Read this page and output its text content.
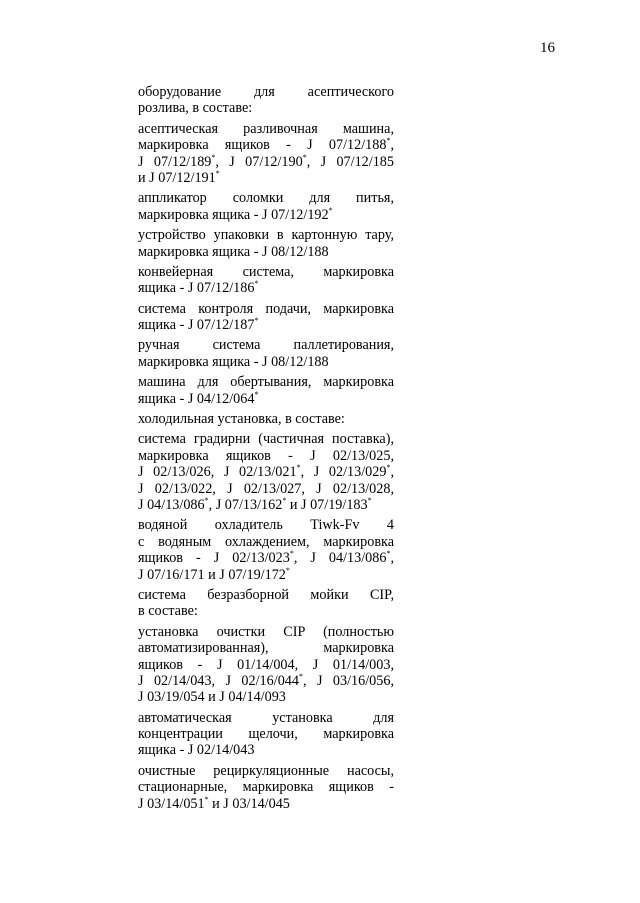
16

оборудование для асептического
розлива, в составе:

асептическая разливочная машина,
маркировка ящиков - J 07/12/188*,
J 07/12/189*, J 07/12/190*, J 07/12/185
и J 07/12/191*

аппликатор соломки для питья,
маркировка ящика - J 07/12/192*

устройство упаковки в картонную тару,
маркировка ящика - J 08/12/188

конвейерная система, маркировка
ящика - J 07/12/186*

система контроля подачи, маркировка
ящика - J 07/12/187*

ручная система паллетирования,
маркировка ящика - J 08/12/188

машина для обертывания, маркировка
ящика - J 04/12/064*

холодильная установка, в составе:

система градирни (частичная поставка),
маркировка ящиков - J 02/13/025,
J 02/13/026, J 02/13/021*, J 02/13/029*,
J 02/13/022, J 02/13/027, J 02/13/028,
J 04/13/086*, J 07/13/162* и J 07/19/183*

водяной охладитель Tiwk-Fv 4
с водяным охлаждением, маркировка
ящиков - J 02/13/023*, J 04/13/086*,
J 07/16/171 и J 07/19/172*

система безразборной мойки CIP,
в составе:

установка очистки CIP (полностью
автоматизированная), маркировка
ящиков - J 01/14/004, J 01/14/003,
J 02/14/043, J 02/16/044*, J 03/16/056,
J 03/19/054 и J 04/14/093

автоматическая установка для
концентрации щелочи, маркировка
ящика - J 02/14/043

очистные рециркуляционные насосы,
стационарные, маркировка ящиков -
J 03/14/051* и J 03/14/045
